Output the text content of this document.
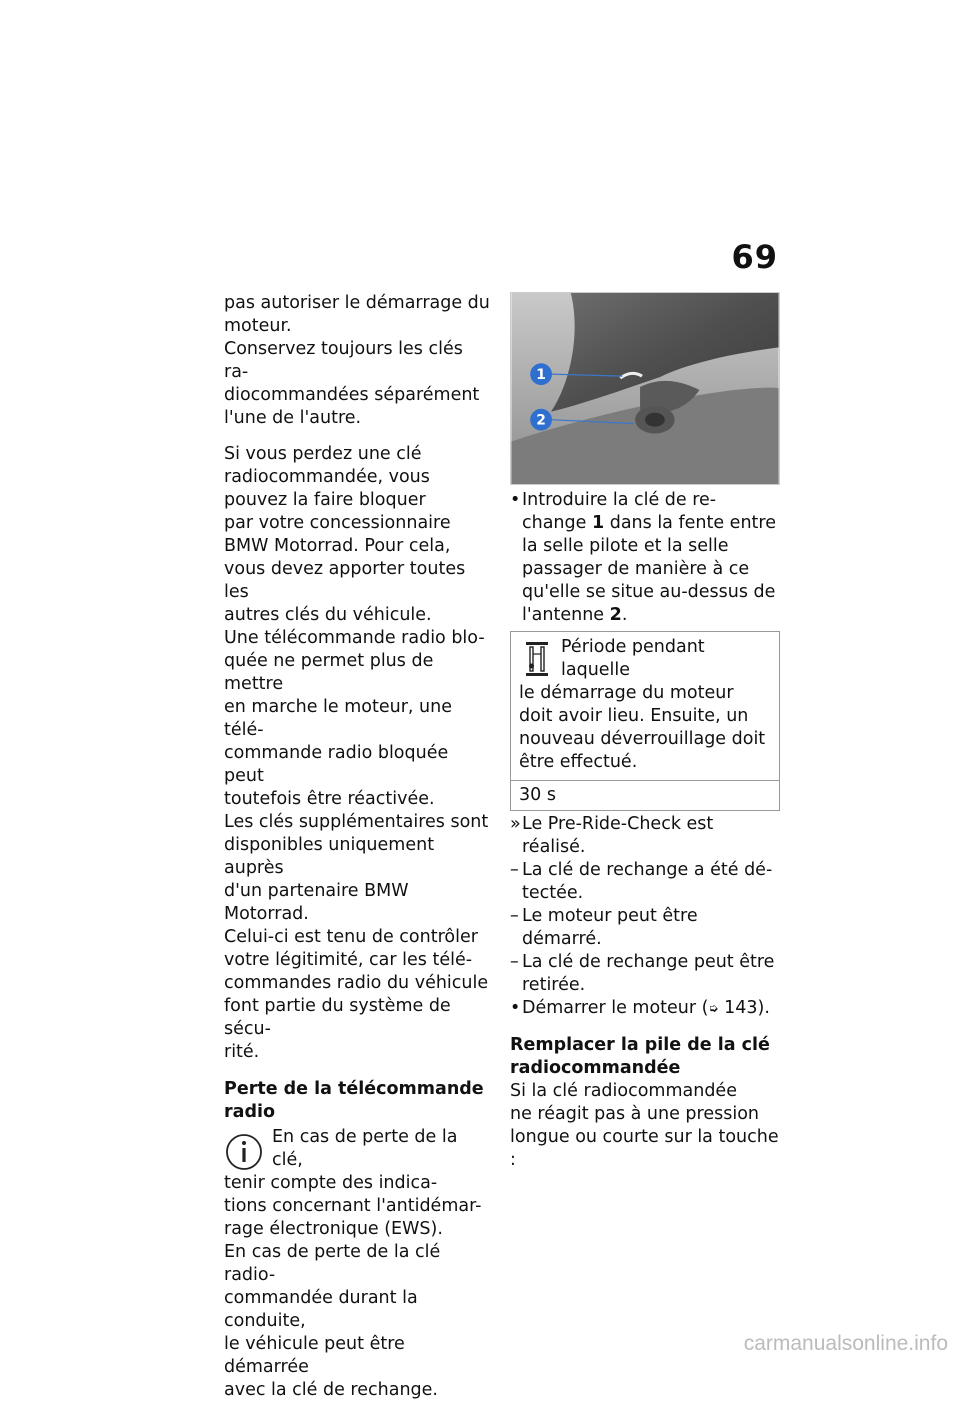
69

pas autoriser le démarrage du
moteur.

Conservez toujours les clés ra-
diocommandées séparément
l'une de l'autre.

Si vous perdez une clé
radiocommandée, vous
pouvez la faire bloquer
par votre concessionnaire
BMW Motorrad. Pour cela,
vous devez apporter toutes les
autres clés du véhicule.

Une télécommande radio blo-
quée ne permet plus de mettre
en marche le moteur, une télé-
commande radio bloquée peut
toutefois être réactivée.

Les clés supplémentaires sont
disponibles uniquement auprès
d'un partenaire BMW Motorrad.
Celui-ci est tenu de contrôler
votre légitimité, car les télé-
commandes radio du véhicule
font partie du système de sécu-
rité.

Perte de la télécommande
radio
En cas de perte de la clé,
tenir compte des indica-
tions concernant l'antidémar-
rage électronique (EWS).

En cas de perte de la clé radio-
commandée durant la conduite,
le véhicule peut être démarrée
avec la clé de rechange.

1
2
• Introduire la clé de re-
change 1 dans la fente entre
la selle pilote et la selle
passager de manière à ce
qu'elle se situe au-dessus de
l'antenne 2.
Période pendant laquelle
le démarrage du moteur
doit avoir lieu. Ensuite, un
nouveau déverrouillage doit
être effectué.
30 s
» Le Pre-Ride-Check est réalisé.
– La clé de rechange a été dé-
tectée.
– Le moteur peut être démarré.
– La clé de rechange peut être
retirée.
• Démarrer le moteur (➭ 143).
Remplacer la pile de la clé
radiocommandée

Si la clé radiocommandée
ne réagit pas à une pression
longue ou courte sur la touche :

carmanualsonline.info
